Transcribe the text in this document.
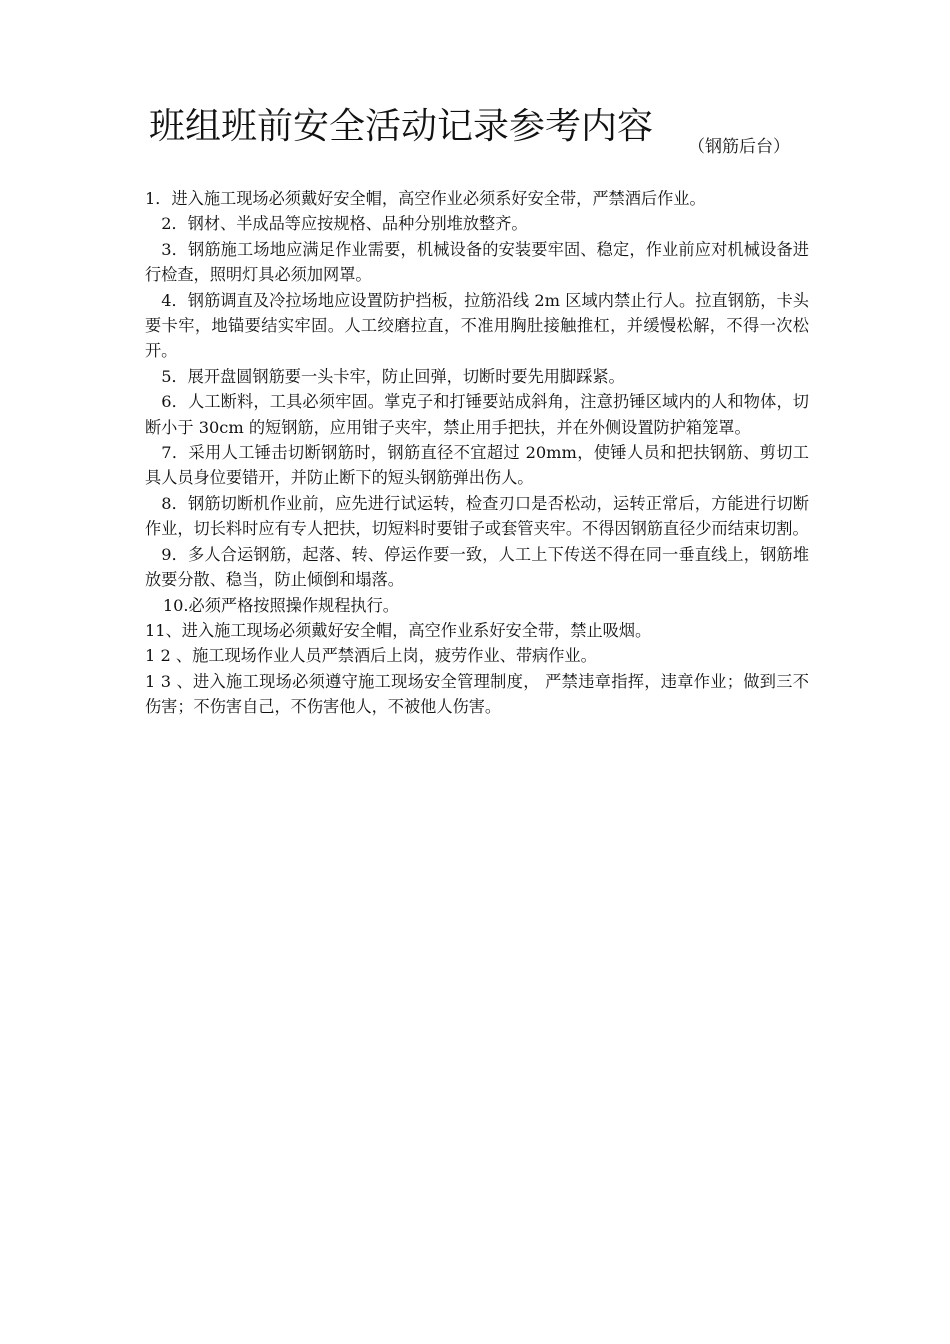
班组班前安全活动记录参考内容 （钢筋后台）

1．进入施工现场必须戴好安全帽，高空作业必须系好安全带，严禁酒后作业。

2．钢材、半成品等应按规格、品种分别堆放整齐。

3．钢筋施工场地应满足作业需要，机械设备的安装要牢固、稳定，作业前应对机械设备进行检查，照明灯具必须加网罩。

4．钢筋调直及冷拉场地应设置防护挡板，拉筋沿线 2m 区域内禁止行人。拉直钢筋，卡头要卡牢，地锚要结实牢固。人工绞磨拉直，不准用胸肚接触推杠，并缓慢松解，不得一次松开。

5．展开盘圆钢筋要一头卡牢，防止回弹，切断时要先用脚踩紧。

6．人工断料，工具必须牢固。掌克子和打锤要站成斜角，注意扔锤区域内的人和物体，切断小于 30cm 的短钢筋，应用钳子夹牢，禁止用手把扶，并在外侧设置防护箱笼罩。

7．采用人工锤击切断钢筋时，钢筋直径不宜超过 20mm，使锤人员和把扶钢筋、剪切工具人员身位要错开，并防止断下的短头钢筋弹出伤人。

8．钢筋切断机作业前，应先进行试运转，检查刃口是否松动，运转正常后，方能进行切断作业，切长料时应有专人把扶，切短料时要钳子或套管夹牢。不得因钢筋直径少而结束切割。

9．多人合运钢筋，起落、转、停运作要一致，人工上下传送不得在同一垂直线上，钢筋堆放要分散、稳当，防止倾倒和塌落。

10.必须严格按照操作规程执行。

11、进入施工现场必须戴好安全帽，高空作业系好安全带，禁止吸烟。

1 2 、施工现场作业人员严禁酒后上岗，疲劳作业、带病作业。

1 3 、进入施工现场必须遵守施工现场安全管理制度， 严禁违章指挥，违章作业；做到三不伤害；不伤害自己，不伤害他人，不被他人伤害。
